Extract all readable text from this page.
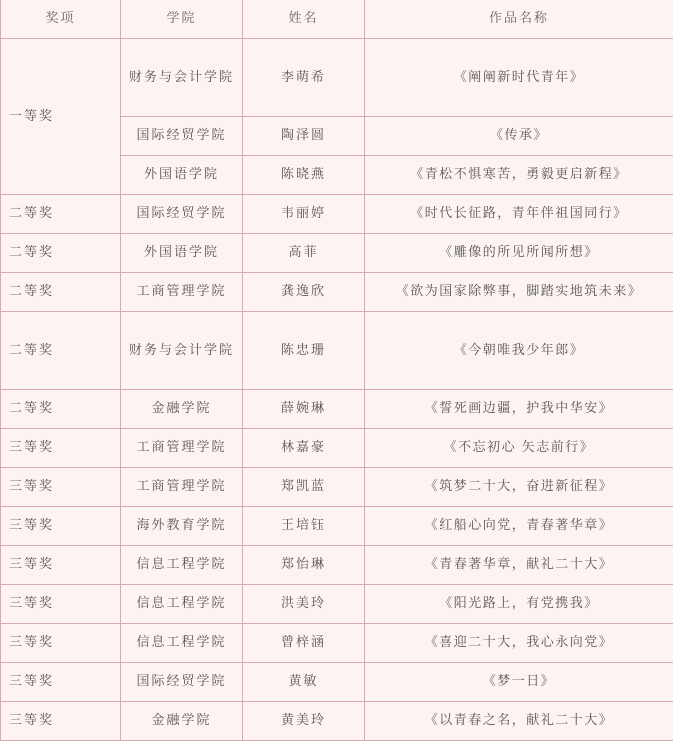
奖项	学院	姓名	作品名称
一等奖	财务与会计学院	李萌希	《阐阐新时代青年》
	国际经贸学院	陶泽圆	《传承》
	外国语学院	陈晓燕	《青松不惧寒苦，勇毅更启新程》
二等奖	国际经贸学院	韦丽婷	《时代长征路，青年伴祖国同行》
二等奖	外国语学院	高菲	《雕像的所见所闻所想》
二等奖	工商管理学院	龚逸欣	《欲为国家除弊事，脚踏实地筑未来》
二等奖	财务与会计学院	陈忠珊	《今朝唯我少年郎》
二等奖	金融学院	薛婉琳	《誓死画边疆，护我中华安》
三等奖	工商管理学院	林嘉豪	《不忘初心 矢志前行》
三等奖	工商管理学院	郑凯蓝	《筑梦二十大，奋进新征程》
三等奖	海外教育学院	王培钰	《红船心向党，青春著华章》
三等奖	信息工程学院	郑怡琳	《青春著华章，献礼二十大》
三等奖	信息工程学院	洪美玲	《阳光路上，有党携我》
三等奖	信息工程学院	曾梓涵	《喜迎二十大，我心永向党》
三等奖	国际经贸学院	黄敏	《梦一日》
三等奖	金融学院	黄美玲	《以青春之名，献礼二十大》
